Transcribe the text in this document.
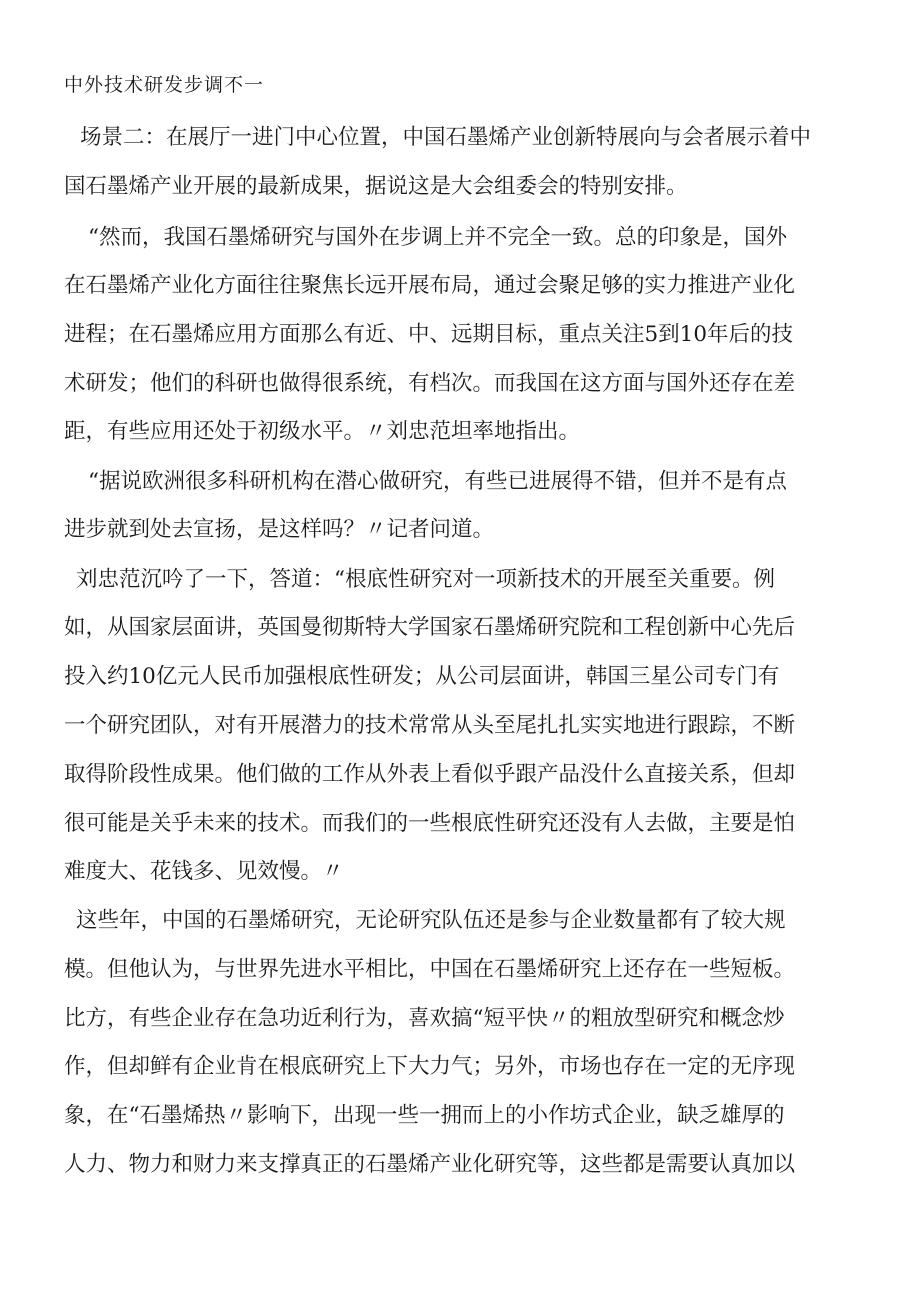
中外技术研发步调不一
场景二：在展厅一进门中心位置，中国石墨烯产业创新特展向与会者展示着中
国石墨烯产业开展的最新成果，据说这是大会组委会的特别安排。
“然而，我国石墨烯研究与国外在步调上并不完全一致。总的印象是，国外
在石墨烯产业化方面往往聚焦长远开展布局，通过会聚足够的实力推进产业化
进程；在石墨烯应用方面那么有近、中、远期目标，重点关注5到10年后的技
术研发；他们的科研也做得很系统，有档次。而我国在这方面与国外还存在差
距，有些应用还处于初级水平。〃刘忠范坦率地指出。
“据说欧洲很多科研机构在潜心做研究，有些已进展得不错，但并不是有点
进步就到处去宣扬，是这样吗？〃记者问道。
刘忠范沉吟了一下，答道：“根底性研究对一项新技术的开展至关重要。例
如，从国家层面讲，英国曼彻斯特大学国家石墨烯研究院和工程创新中心先后
投入约10亿元人民币加强根底性研发；从公司层面讲，韩国三星公司专门有
一个研究团队，对有开展潜力的技术常常从头至尾扎扎实实地进行跟踪，不断
取得阶段性成果。他们做的工作从外表上看似乎跟产品没什么直接关系，但却
很可能是关乎未来的技术。而我们的一些根底性研究还没有人去做，主要是怕
难度大、花钱多、见效慢。〃
这些年，中国的石墨烯研究，无论研究队伍还是参与企业数量都有了较大规
模。但他认为，与世界先进水平相比，中国在石墨烯研究上还存在一些短板。
比方，有些企业存在急功近利行为，喜欢搞“短平快〃的粗放型研究和概念炒
作，但却鲜有企业肯在根底研究上下大力气；另外，市场也存在一定的无序现
象，在“石墨烯热〃影响下，出现一些一拥而上的小作坊式企业，缺乏雄厚的
人力、物力和财力来支撑真正的石墨烯产业化研究等，这些都是需要认真加以
